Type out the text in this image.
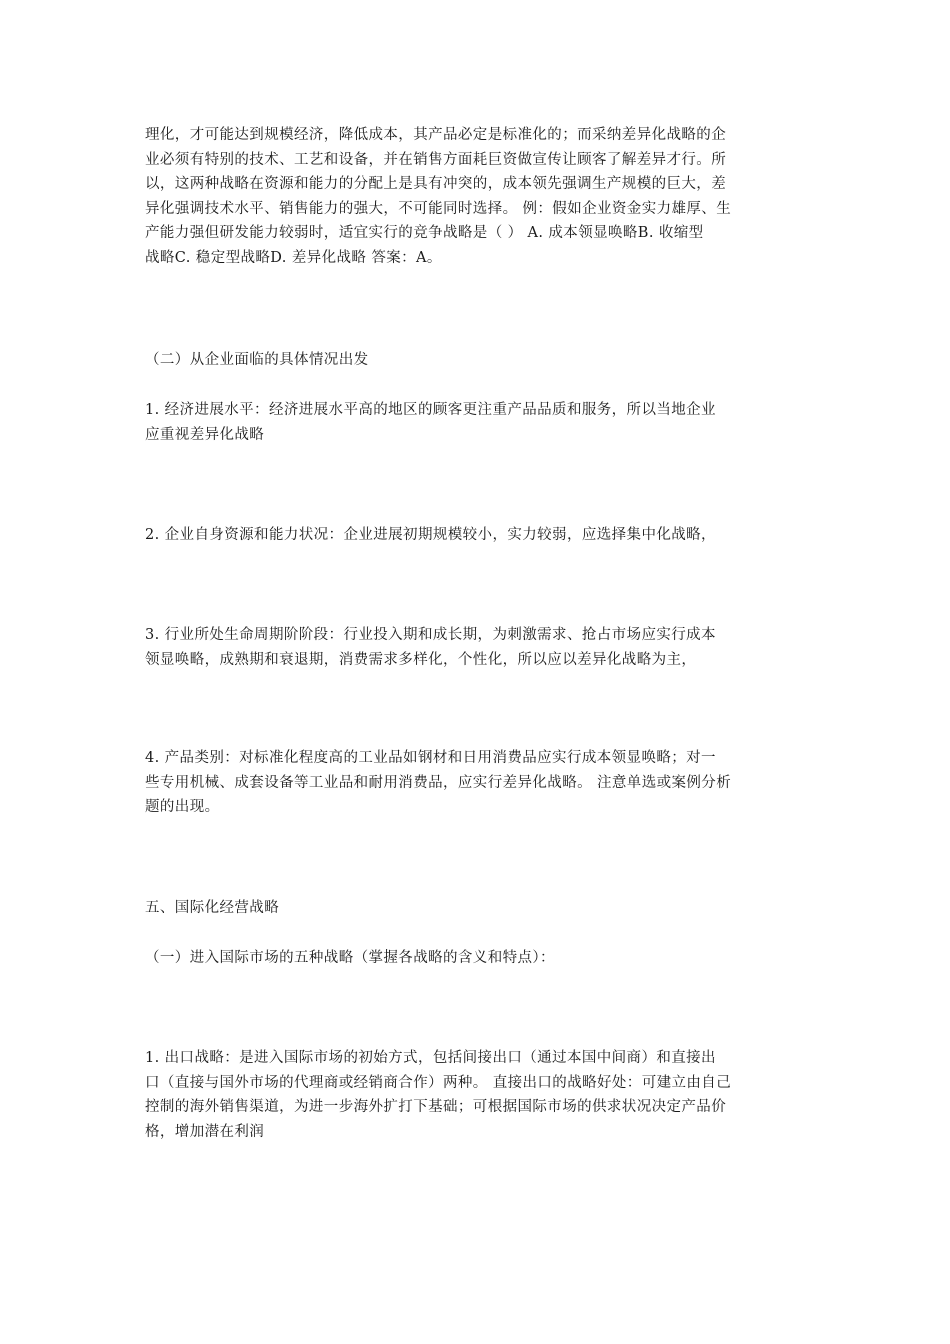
理化，才可能达到规模经济，降低成本，其产品必定是标准化的；而采纳差异化战略的企
业必须有特别的技术、工艺和设备，并在销售方面耗巨资做宣传让顾客了解差异才行。所
以，这两种战略在资源和能力的分配上是具有冲突的，成本领先强调生产规模的巨大，差
异化强调技术水平、销售能力的强大，不可能同时选择。 例：假如企业资金实力雄厚、生
产能力强但研发能力较弱时，适宜实行的竞争战略是（ ） A. 成本领显唤略B. 收缩型
战略C. 稳定型战略D. 差异化战略 答案：A。
（二）从企业面临的具体情况出发
1. 经济进展水平：经济进展水平高的地区的顾客更注重产品品质和服务，所以当地企业
应重视差异化战略
2. 企业自身资源和能力状况：企业进展初期规模较小，实力较弱，应选择集中化战略，
3. 行业所处生命周期阶阶段：行业投入期和成长期，为刺激需求、抢占市场应实行成本
领显唤略，成熟期和衰退期，消费需求多样化，个性化，所以应以差异化战略为主，
4. 产品类别：对标准化程度高的工业品如钢材和日用消费品应实行成本领显唤略；对一
些专用机械、成套设备等工业品和耐用消费品，应实行差异化战略。 注意单选或案例分析
题的出现。
五、国际化经营战略
（一）进入国际市场的五种战略（掌握各战略的含义和特点）：
1. 出口战略：是进入国际市场的初始方式，包括间接出口（通过本国中间商）和直接出
口（直接与国外市场的代理商或经销商合作）两种。 直接出口的战略好处：可建立由自己
控制的海外销售渠道，为进一步海外扩打下基础；可根据国际市场的供求状况决定产品价
格，增加潜在利润
